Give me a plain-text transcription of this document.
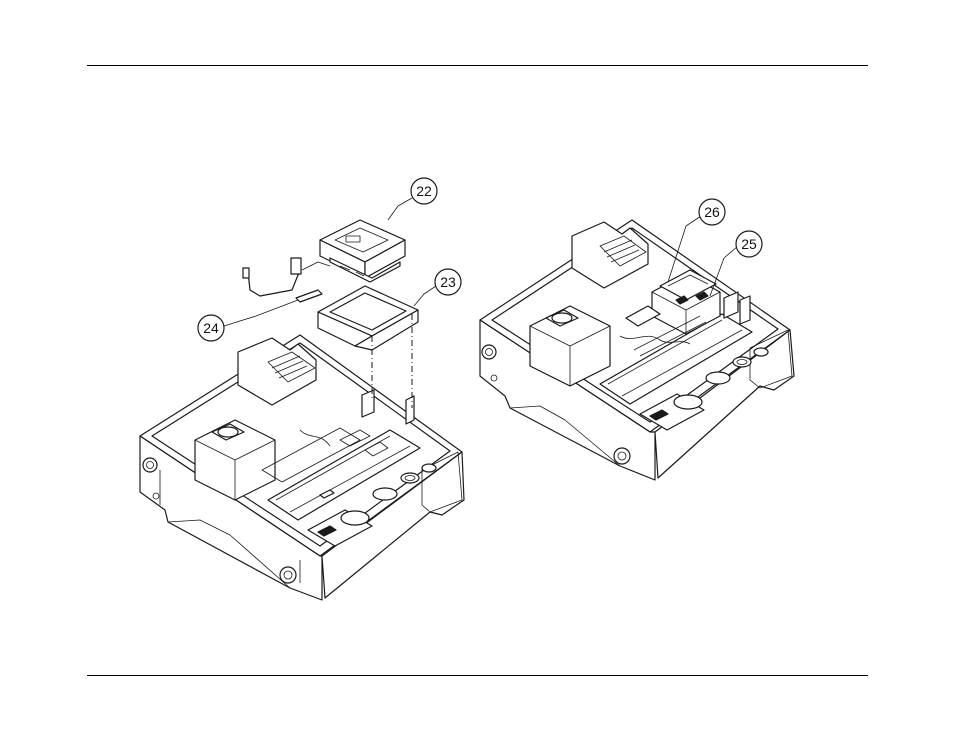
22
23
24
25
26
